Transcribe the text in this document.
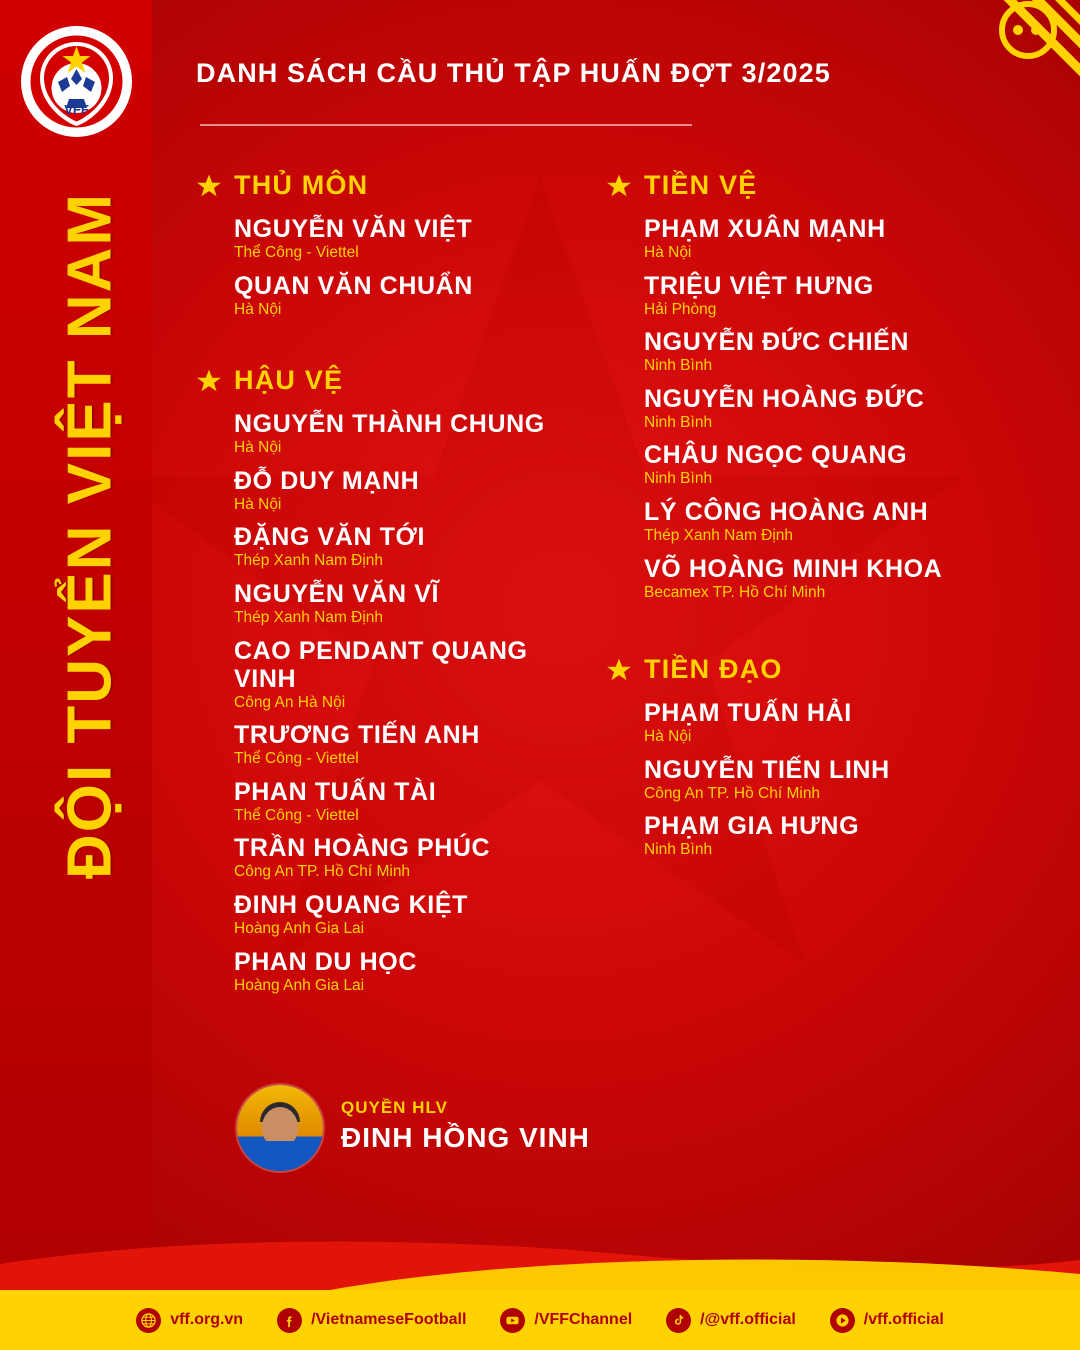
ĐỘI TUYỂN VIỆT NAM
VFF
DANH SÁCH CẦU THỦ TẬP HUẤN ĐỢT 3/2025
THỦ MÔN
NGUYỄN VĂN VIỆT
Thể Công - Viettel
QUAN VĂN CHUẨN
Hà Nội
HẬU VỆ
NGUYỄN THÀNH CHUNG
Hà Nội
ĐỖ DUY MẠNH
Hà Nội
ĐẶNG VĂN TỚI
Thép Xanh Nam Định
NGUYỄN VĂN VĨ
Thép Xanh Nam Định
CAO PENDANT QUANG VINH
Công An Hà Nội
TRƯƠNG TIẾN ANH
Thể Công - Viettel
PHAN TUẤN TÀI
Thể Công - Viettel
TRẦN HOÀNG PHÚC
Công An TP. Hồ Chí Minh
ĐINH QUANG KIỆT
Hoàng Anh Gia Lai
PHAN DU HỌC
Hoàng Anh Gia Lai
TIỀN VỆ
PHẠM XUÂN MẠNH
Hà Nội
TRIỆU VIỆT HƯNG
Hải Phòng
NGUYỄN ĐỨC CHIẾN
Ninh Bình
NGUYỄN HOÀNG ĐỨC
Ninh Bình
CHÂU NGỌC QUANG
Ninh Bình
LÝ CÔNG HOÀNG ANH
Thép Xanh Nam Định
VÕ HOÀNG MINH KHOA
Becamex TP. Hồ Chí Minh
TIỀN ĐẠO
PHẠM TUẤN HẢI
Hà Nội
NGUYỄN TIẾN LINH
Công An TP. Hồ Chí Minh
PHẠM GIA HƯNG
Ninh Bình
QUYỀN HLV
ĐINH HỒNG VINH
vff.org.vn	/VietnameseFootball	/VFFChannel	/@vff.official	/vff.official
